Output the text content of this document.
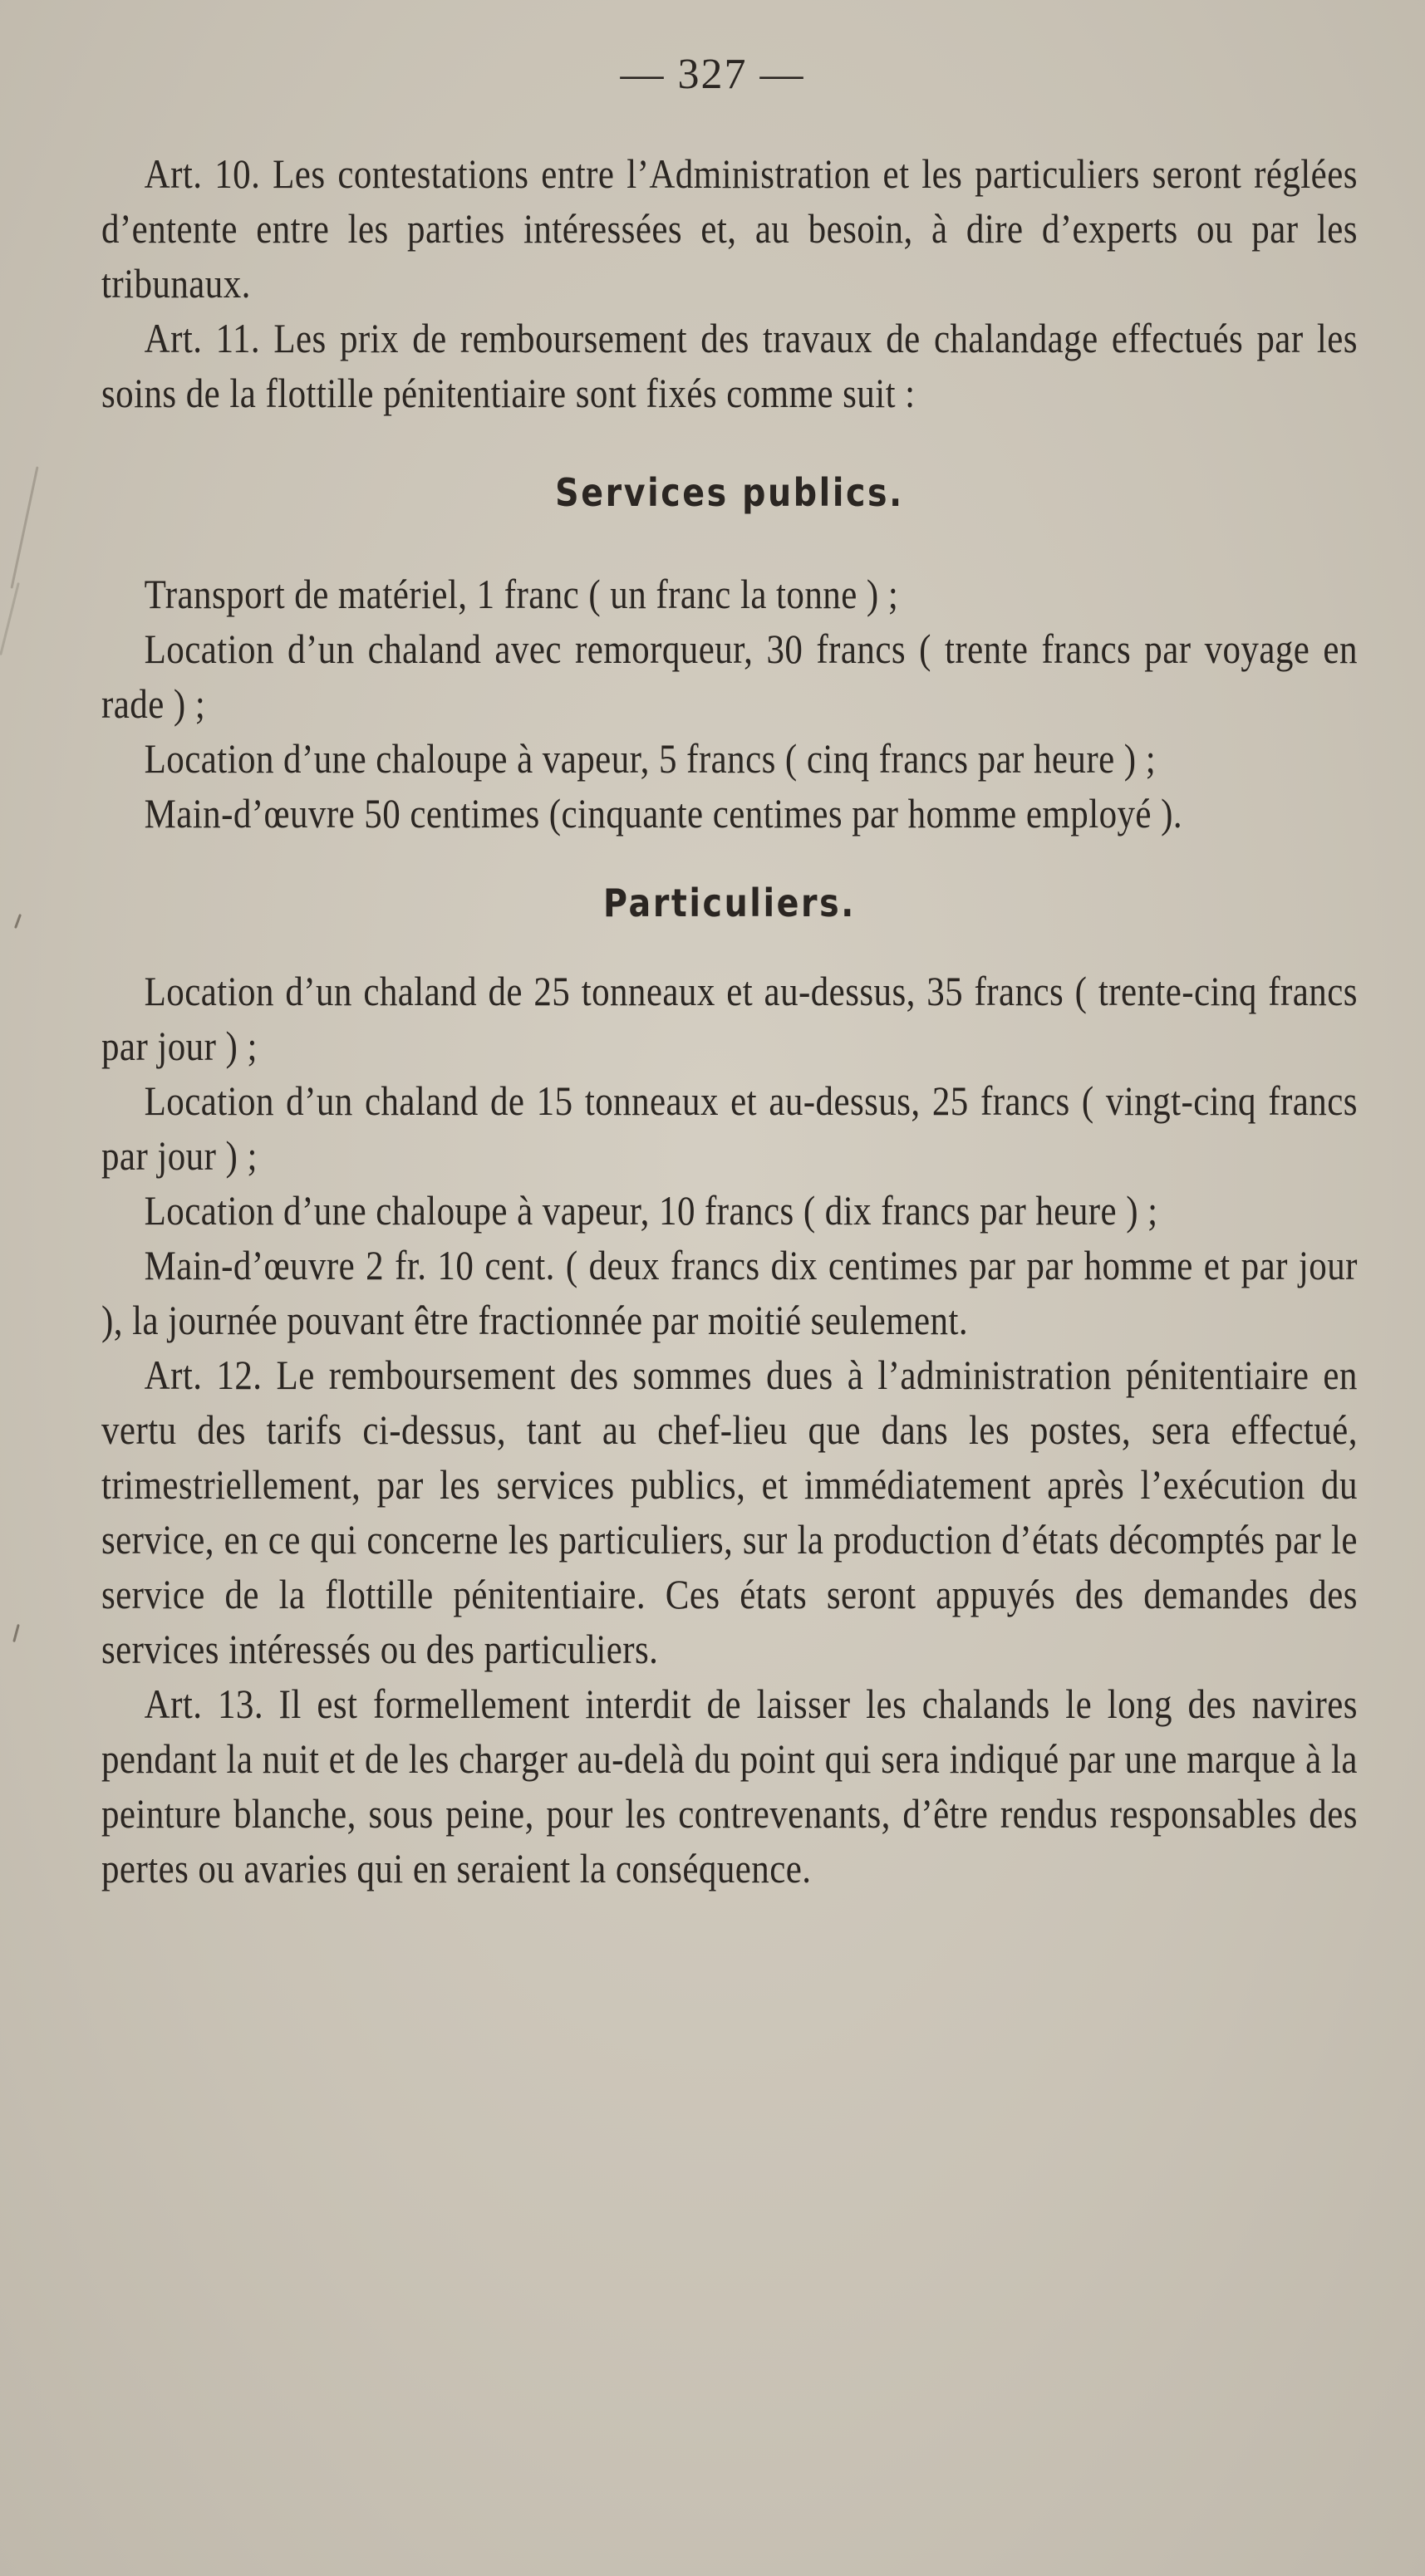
— 327 —

Art. 10. Les contestations entre l’Administration et les particuliers seront réglées d’entente entre les parties intéressées et, au besoin, à dire d’experts ou par les tribunaux.

Art. 11. Les prix de remboursement des travaux de chalandage effectués par les soins de la flottille pénitentiaire sont fixés comme suit :

Services publics.

Transport de matériel, 1 franc ( un franc la tonne ) ;

Location d’un chaland avec remorqueur, 30 francs ( trente francs par voyage en rade ) ;

Location d’une chaloupe à vapeur, 5 francs ( cinq francs par heure ) ;

Main-d’œuvre 50 centimes (cinquante centimes par homme employé ).

Particuliers.

Location d’un chaland de 25 tonneaux et au-dessus, 35 francs ( trente-cinq francs par jour ) ;

Location d’un chaland de 15 tonneaux et au-dessus, 25 francs ( vingt-cinq francs par jour ) ;

Location d’une chaloupe à vapeur, 10 francs ( dix francs par heure ) ;

Main-d’œuvre 2 fr. 10 cent. ( deux francs dix centimes par par homme et par jour ), la journée pouvant être fractionnée par moitié seulement.

Art. 12. Le remboursement des sommes dues à l’administration pénitentiaire en vertu des tarifs ci-dessus, tant au chef-lieu que dans les postes, sera effectué, trimestriellement, par les services publics, et immédiatement après l’exécution du service, en ce qui concerne les particuliers, sur la production d’états décomptés par le service de la flottille pénitentiaire. Ces états seront appuyés des demandes des services intéressés ou des particuliers.

Art. 13. Il est formellement interdit de laisser les chalands le long des navires pendant la nuit et de les charger au-delà du point qui sera indiqué par une marque à la peinture blanche, sous peine, pour les contrevenants, d’être rendus responsables des pertes ou avaries qui en seraient la conséquence.
